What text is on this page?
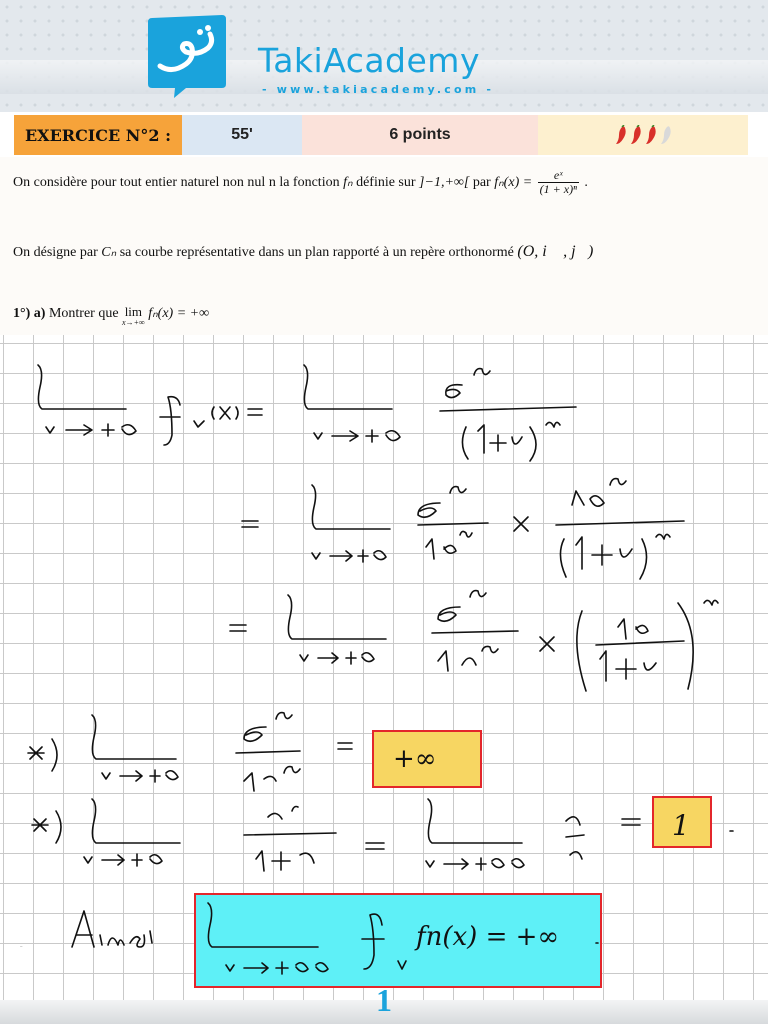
TakiAcademy
- www.takiacademy.com -
EXERCICE N°2 :	55'	6 points
On considère pour tout entier naturel non nul n la fonction fₙ définie sur ]−1,+∞[ par $f_n(x) = \frac{\text{eˣ}}{\text{(1 + x)ⁿ}}$ .
On désigne par Cₙ sa courbe représentative dans un plan rapporté à un repère orthonormé (O, i⃗ , j⃗)
1°) a) Montrer que lim
x→+∞
fₙ(x) = +∞
+∞
1
Ainsi	fn(x) = +∞
1
